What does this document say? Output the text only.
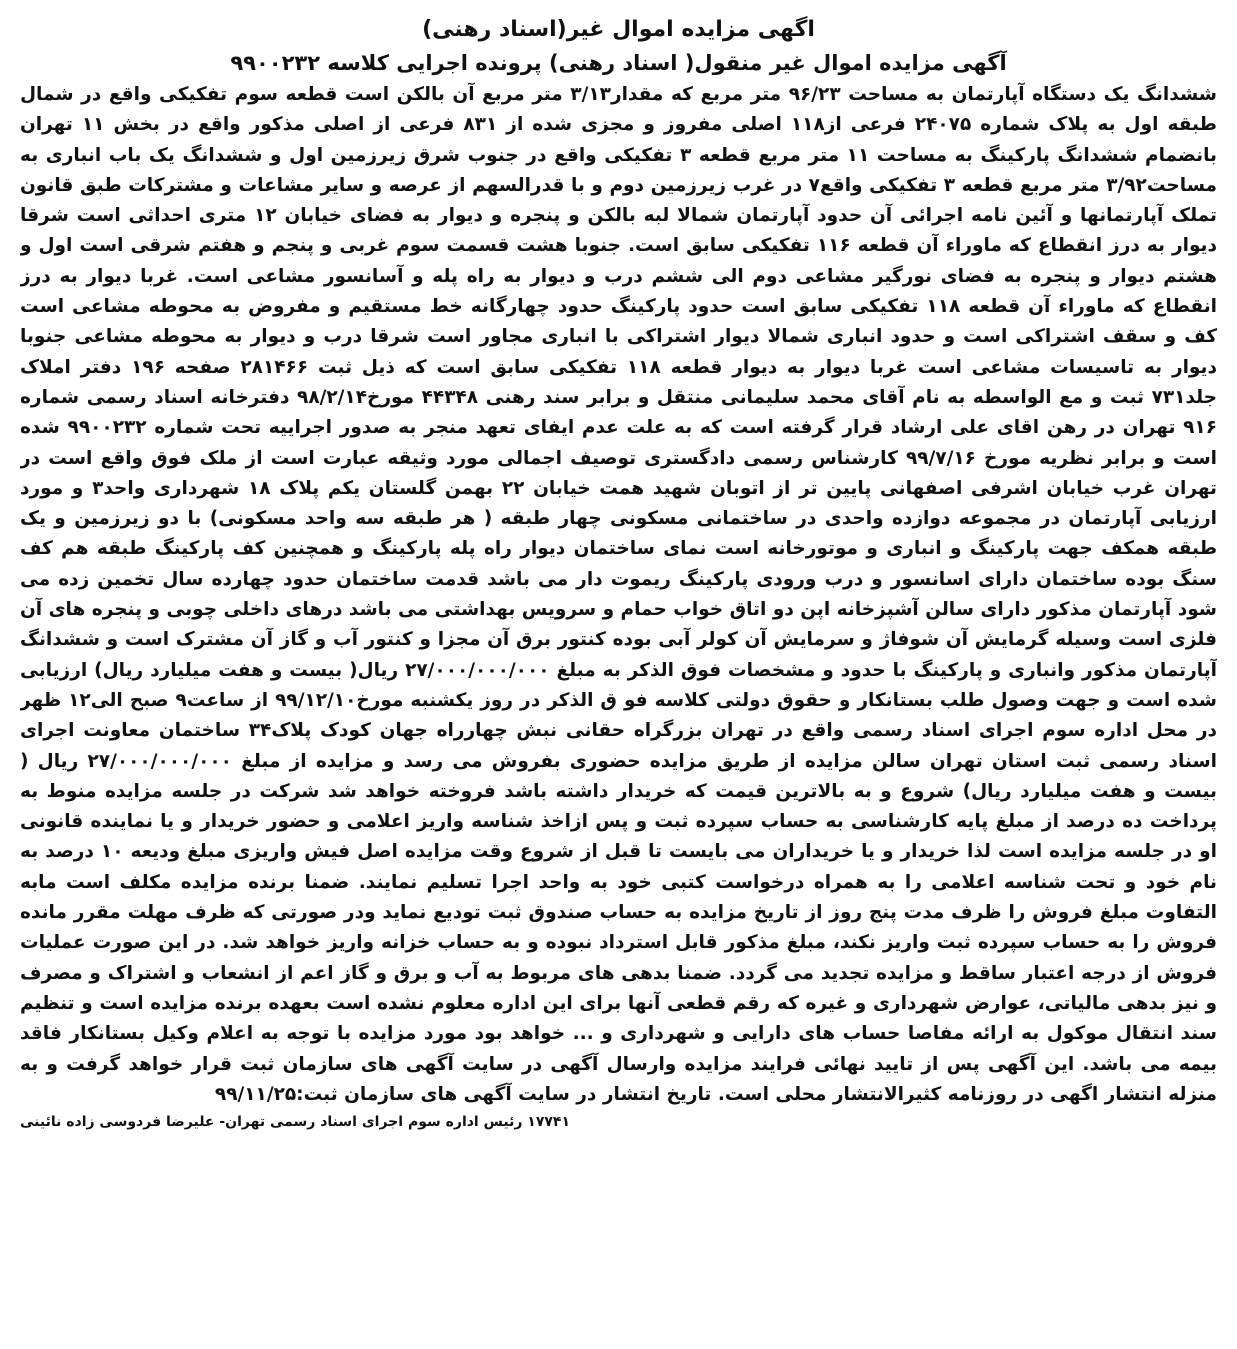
اگهی مزایده اموال غیر(اسناد رهنی)
آگهی مزایده اموال غیر منقول( اسناد رهنی) پرونده اجرایی کلاسه ۹۹۰۰۲۳۲

ششدانگ یک دستگاه آپارتمان به مساحت ۹۶/۲۳ متر مربع که مقدار۳/۱۳ متر مربع آن بالکن است قطعه سوم تفکیکی واقع در شمال طبقه اول به پلاک شماره ۲۴۰۷۵ فرعی از۱۱۸ اصلی مفروز و مجزی شده از ۸۳۱ فرعی از اصلی مذکور واقع در بخش ۱۱ تهران بانضمام ششدانگ پارکینگ به مساحت ۱۱ متر مربع قطعه ۳ تفکیکی واقع در جنوب شرق زیرزمین اول و ششدانگ یک باب انباری به مساحت۳/۹۲ متر مربع قطعه ۳ تفکیکی واقع۷ در غرب زیرزمین دوم و با قدرالسهم از عرصه و سایر مشاعات و مشترکات طبق قانون تملک آپارتمانها و آئین نامه اجرائی آن حدود آپارتمان شمالا لبه بالکن و پنجره و دیوار به فضای خیابان ۱۲ متری احداثی است شرقا دیوار به درز انقطاع که ماوراء آن قطعه ۱۱۶ تفکیکی سابق است. جنوبا هشت قسمت سوم غربی و پنجم و هفتم شرقی است اول و هشتم دیوار و پنجره به فضای نورگیر مشاعی دوم الی ششم درب و دیوار به راه پله و آسانسور مشاعی است. غربا دیوار به درز انقطاع که ماوراء آن قطعه ۱۱۸ تفکیکی سابق است حدود پارکینگ حدود چهارگانه خط مستقیم و مفروض به محوطه مشاعی است کف و سقف اشتراکی است و حدود انباری شمالا دیوار اشتراکی با انباری مجاور است شرقا درب و دیوار به محوطه مشاعی جنوبا دیوار به تاسیسات مشاعی است غربا دیوار به دیوار قطعه ۱۱۸ تفکیکی سابق است که ذیل ثبت ۲۸۱۴۶۶ صفحه ۱۹۶ دفتر املاک جلد۷۳۱ ثبت و مع الواسطه به نام آقای محمد سلیمانی منتقل و برابر سند رهنی ۴۴۳۴۸ مورخ۹۸/۲/۱۴ دفترخانه اسناد رسمی شماره ۹۱۶ تهران در رهن اقای علی ارشاد قرار گرفته است که به علت عدم ایفای تعهد منجر به صدور اجراییه تحت شماره ۹۹۰۰۲۳۲ شده است و برابر نظریه مورخ ۹۹/۷/۱۶ کارشناس رسمی دادگستری توصیف اجمالی مورد وثیقه عبارت است از ملک فوق واقع است در تهران غرب خیابان اشرفی اصفهانی پایین تر از اتوبان شهید همت خیابان ۲۲ بهمن گلستان یکم پلاک ۱۸ شهرداری واحد۳ و مورد ارزیابی آپارتمان در مجموعه دوازده واحدی در ساختمانی مسکونی چهار طبقه ( هر طبقه سه واحد مسکونی) با دو زیرزمین و یک طبقه همکف جهت پارکینگ و انباری و موتورخانه است نمای ساختمان دیوار راه پله پارکینگ و همچنین کف پارکینگ طبقه هم کف سنگ بوده ساختمان دارای اسانسور و درب ورودی پارکینگ ریموت دار می باشد قدمت ساختمان حدود چهارده سال تخمین زده می شود آپارتمان مذکور دارای سالن آشپزخانه اپن دو اتاق خواب حمام و سرویس بهداشتی می باشد درهای داخلی چوبی و پنجره های آن فلزی است وسیله گرمایش آن شوفاژ و سرمایش آن کولر آبی بوده کنتور برق آن مجزا و کنتور آب و گاز آن مشترک است و ششدانگ آپارتمان مذکور وانباری و پارکینگ با حدود و مشخصات فوق الذکر به مبلغ ۲۷/۰۰۰/۰۰۰/۰۰۰ ریال( بیست و هفت میلیارد ریال) ارزیابی شده است و جهت وصول طلب بستانکار و حقوق دولتی کلاسه فو ق الذکر در روز یکشنبه مورخ۹۹/۱۲/۱۰ از ساعت۹ صبح الی۱۲ ظهر در محل اداره سوم اجرای اسناد رسمی واقع در تهران بزرگراه حقانی نبش چهارراه جهان کودک پلاک۳۴ ساختمان معاونت اجرای اسناد رسمی ثبت استان تهران سالن مزایده از طریق مزایده حضوری بفروش می رسد و مزایده از مبلغ ۲۷/۰۰۰/۰۰۰/۰۰۰ ریال ( بیست و هفت میلیارد ریال) شروع و به بالاترین قیمت که خریدار داشته باشد فروخته خواهد شد شرکت در جلسه مزایده منوط به پرداخت ده درصد از مبلغ پایه کارشناسی به حساب سپرده ثبت و پس ازاخذ شناسه واریز اعلامی و حضور خریدار و یا نماینده قانونی او در جلسه مزایده است لذا خریدار و یا خریداران می بایست تا قبل از شروع وقت مزایده اصل فیش واریزی مبلغ ودیعه ۱۰ درصد به نام خود و تحت شناسه اعلامی را به همراه درخواست کتبی خود به واحد اجرا تسلیم نمایند. ضمنا برنده مزایده مکلف است مابه التفاوت مبلغ فروش را ظرف مدت پنج روز از تاریخ مزایده به حساب صندوق ثبت تودیع نماید ودر صورتی که ظرف مهلت مقرر مانده فروش را به حساب سپرده ثبت واریز نکند، مبلغ مذکور قابل استرداد نبوده و به حساب خزانه واریز خواهد شد. در این صورت عملیات فروش از درجه اعتبار ساقط و مزایده تجدید می گردد. ضمنا بدهی های مربوط به آب و برق و گاز اعم از انشعاب و اشتراک و مصرف و نیز بدهی مالیاتی، عوارض شهرداری و غیره که رقم قطعی آنها برای این اداره معلوم نشده است بعهده برنده مزایده است و تنظیم سند انتقال موکول به ارائه مفاصا حساب های دارایی و شهرداری و ... خواهد بود مورد مزایده با توجه به اعلام وکیل بستانکار فاقد بیمه می باشد. این آگهی پس از تایید نهائی فرایند مزایده وارسال آگهی در سایت آگهی های سازمان ثبت قرار خواهد گرفت و به منزله انتشار اگهی در روزنامه کثیرالانتشار محلی است. تاریخ انتشار در سایت آگهی های سازمان ثبت:۹۹/۱۱/۲۵

۱۷۷۴۱ رئیس اداره سوم اجرای اسناد رسمی تهران- علیرضا فردوسی زاده نائینی
